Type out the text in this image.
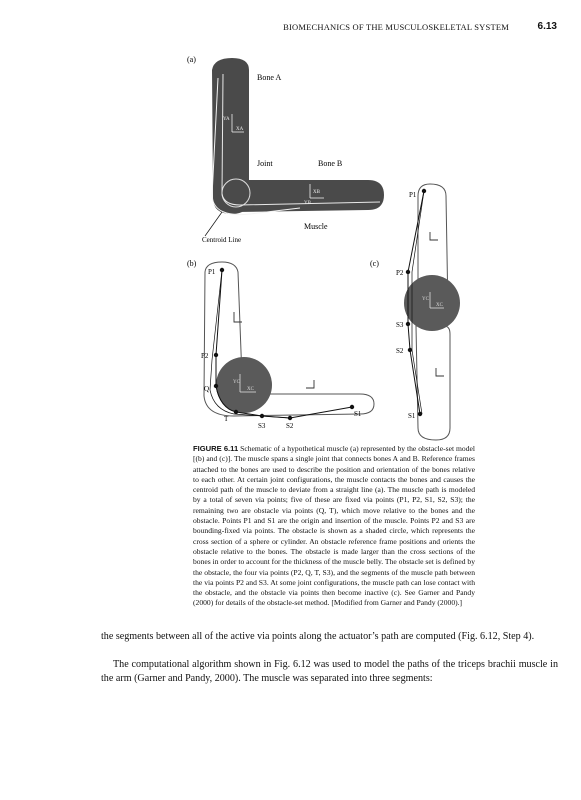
BIOMECHANICS OF THE MUSCULOSKELETAL SYSTEM	6.13
(a)
YA
XA
YB
XB
Bone A
Joint	Bone B
Muscle
Centroid Line
(b)
YC
XC
P1
P2
Q
T
S3	S2
S1
(c)
YC
XC
P1
P2
S3
S2
S1
FIGURE 6.11 Schematic of a hypothetical muscle (a) represented by the obstacle-set model [(b) and (c)]. The muscle spans a single joint that connects bones A and B. Reference frames attached to the bones are used to describe the position and orientation of the bones relative to each other. At certain joint configurations, the muscle contacts the bones and causes the centroid path of the muscle to deviate from a straight line (a). The muscle path is modeled by a total of seven via points; five of these are fixed via points (P1, P2, S1, S2, S3); the remaining two are obstacle via points (Q, T), which move relative to the bones and the obstacle. Points P1 and S1 are the origin and insertion of the muscle. Points P2 and S3 are bounding-fixed via points. The obstacle is shown as a shaded circle, which represents the cross section of a sphere or cylinder. An obstacle reference frame positions and orients the obstacle relative to the bones. The obstacle is made larger than the cross sections of the bones in order to account for the thickness of the muscle belly. The obstacle set is defined by the obstacle, the four via points (P2, Q, T, S3), and the segments of the muscle path between the via points P2 and S3. At some joint configurations, the muscle path can lose contact with the obstacle, and the obstacle via points then become inactive (c). See Garner and Pandy (2000) for details of the obstacle-set method. [Modified from Garner and Pandy (2000).]
the segments between all of the active via points along the actuator’s path are computed (Fig. 6.12, Step 4).
The computational algorithm shown in Fig. 6.12 was used to model the paths of the triceps brachii muscle in the arm (Garner and Pandy, 2000). The muscle was separated into three segments:
